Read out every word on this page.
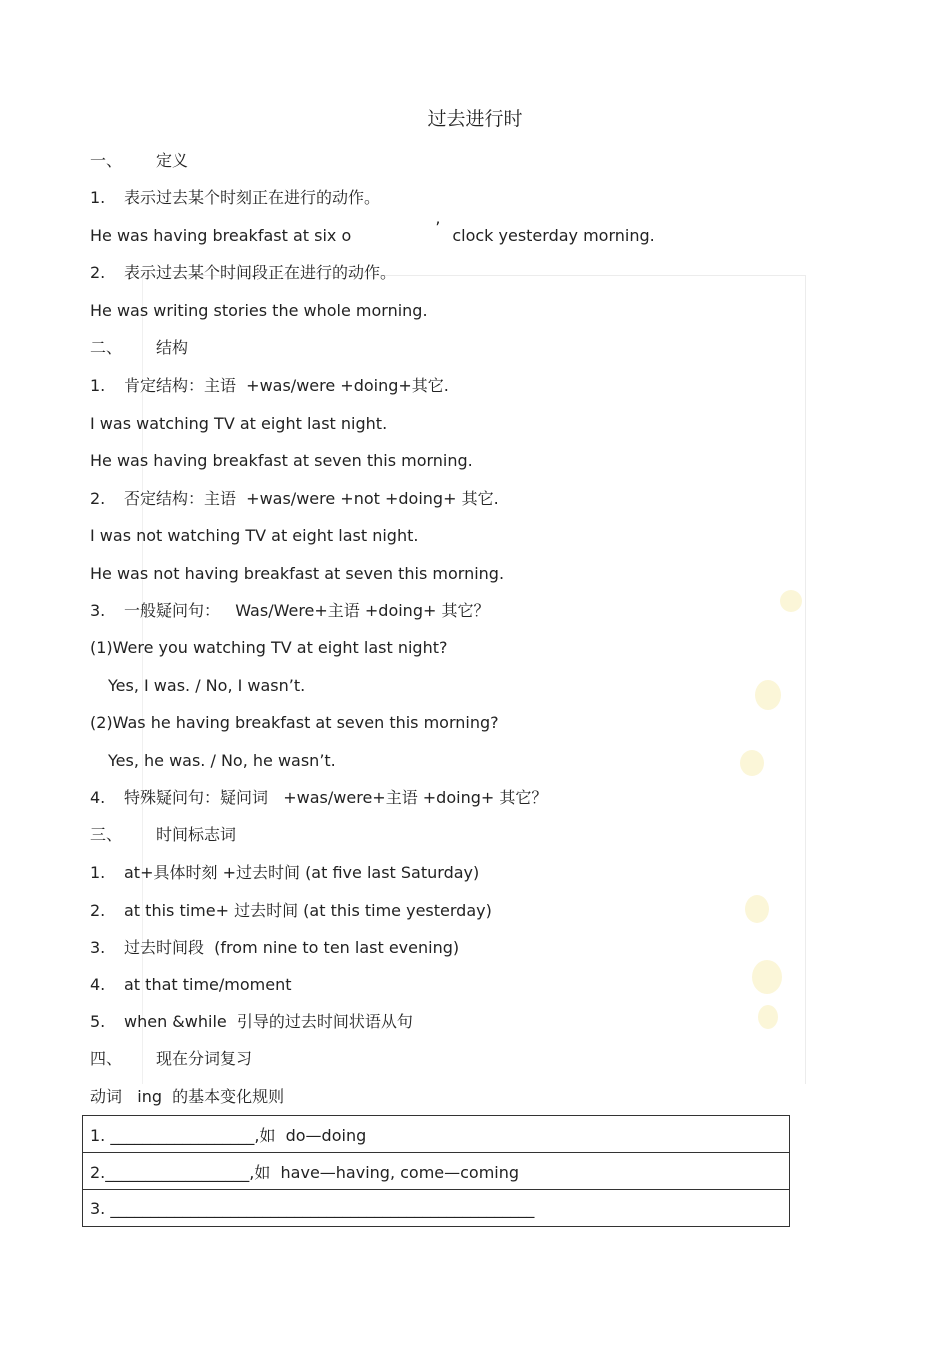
过去进行时
一、 定义
1. 表示过去某个时刻正在进行的动作。
He was having breakfast at six o	’ clock yesterday morning.
2. 表示过去某个时间段正在进行的动作。
He was writing stories the whole morning.
二、 结构
1. 肯定结构：主语  +was/were +doing+其它.
I was watching TV at eight last night.
He was having breakfast at seven this morning.
2. 否定结构：主语  +was/were +not +doing+ 其它.
I was not watching TV at eight last night.
He was not having breakfast at seven this morning.
3. 一般疑问句：   Was/Were+主语 +doing+ 其它？
(1)Were you watching TV at eight last night?
Yes, I was. / No, I wasn’t.
(2)Was he having breakfast at seven this morning?
Yes, he was. / No, he wasn’t.
4. 特殊疑问句：疑问词   +was/were+主语 +doing+ 其它？
三、 时间标志词
1. at+具体时刻 +过去时间 (at five last Saturday)
2. at this time+ 过去时间 (at this time yesterday)
3. 过去时间段  (from nine to ten last evening)
4. at that time/moment
5. when &while  引导的过去时间状语从句
四、 现在分词复习
动词   ing  的基本变化规则
1. __________________,如  do—doing
2.__________________,如  have—having, come—coming
3. _____________________________________________________
